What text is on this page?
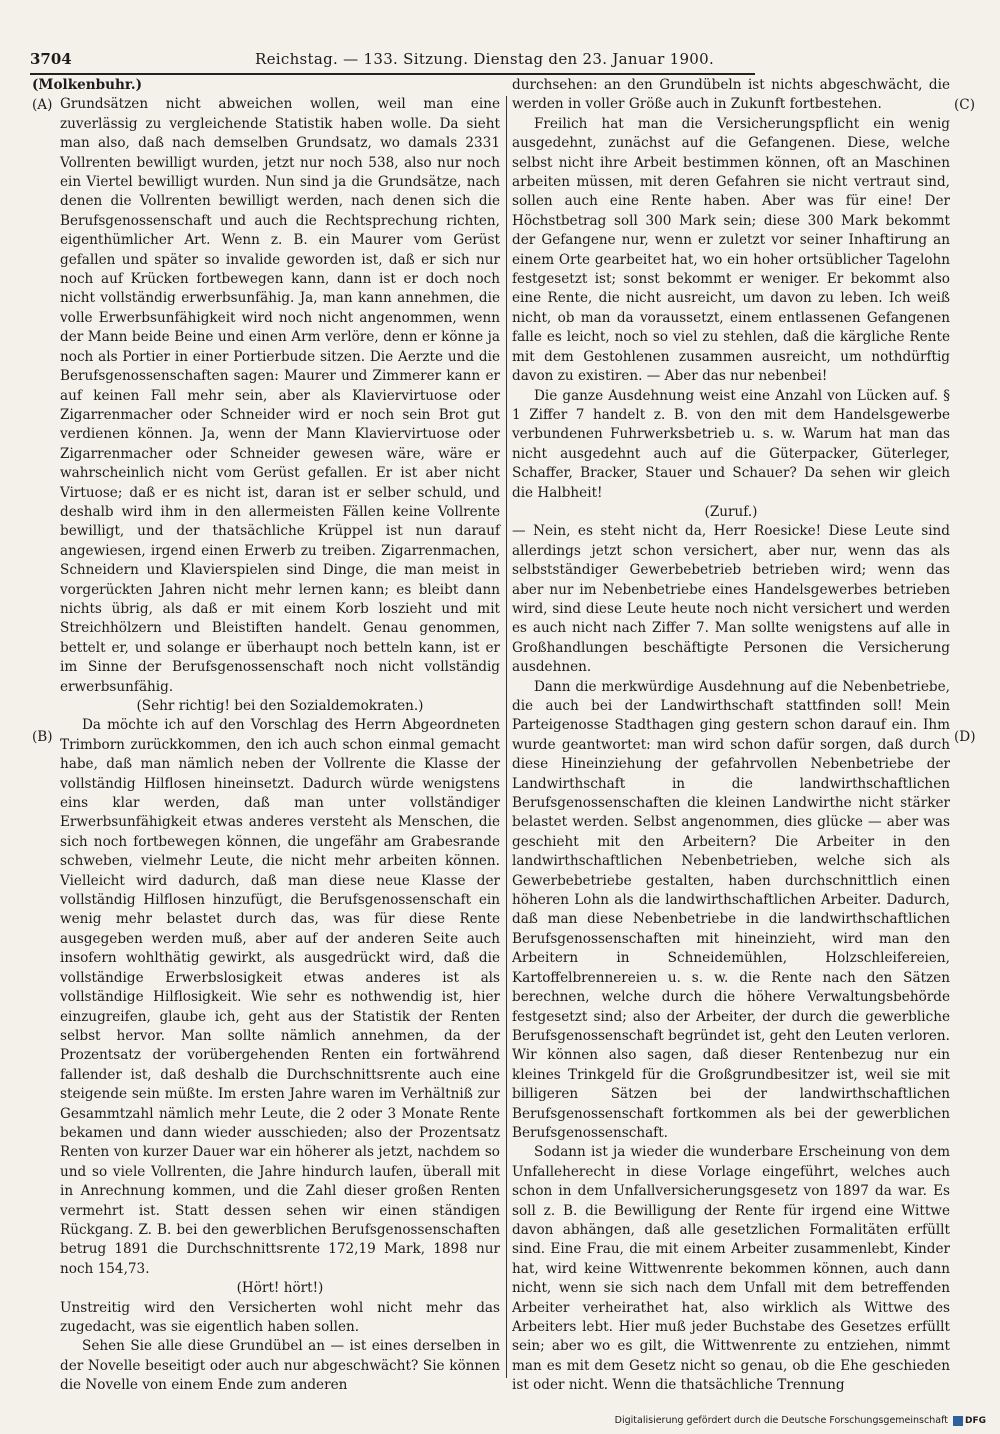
3704	Reichstag. — 133. Sitzung. Dienstag den 23. Januar 1900.
(A)
(B)
(C)
(D)

(Molkenbuhr.)

Grundsätzen nicht abweichen wollen, weil man eine zuverlässig zu vergleichende Statistik haben wolle. Da sieht man also, daß nach demselben Grundsatz, wo damals 2331 Vollrenten bewilligt wurden, jetzt nur noch 538, also nur noch ein Viertel bewilligt wurden. Nun sind ja die Grundsätze, nach denen die Vollrenten bewilligt werden, nach denen sich die Berufsgenossenschaft und auch die Rechtsprechung richten, eigenthümlicher Art. Wenn z. B. ein Maurer vom Gerüst gefallen und später so invalide geworden ist, daß er sich nur noch auf Krücken fortbewegen kann, dann ist er doch noch nicht vollständig erwerbsunfähig. Ja, man kann annehmen, die volle Erwerbsunfähigkeit wird noch nicht angenommen, wenn der Mann beide Beine und einen Arm verlöre, denn er könne ja noch als Portier in einer Portierbude sitzen. Die Aerzte und die Berufsgenossenschaften sagen: Maurer und Zimmerer kann er auf keinen Fall mehr sein, aber als Klaviervirtuose oder Zigarrenmacher oder Schneider wird er noch sein Brot gut verdienen können. Ja, wenn der Mann Klaviervirtuose oder Zigarrenmacher oder Schneider gewesen wäre, wäre er wahrscheinlich nicht vom Gerüst gefallen. Er ist aber nicht Virtuose; daß er es nicht ist, daran ist er selber schuld, und deshalb wird ihm in den allermeisten Fällen keine Vollrente bewilligt, und der thatsächliche Krüppel ist nun darauf angewiesen, irgend einen Erwerb zu treiben. Zigarrenmachen, Schneidern und Klavierspielen sind Dinge, die man meist in vorgerückten Jahren nicht mehr lernen kann; es bleibt dann nichts übrig, als daß er mit einem Korb loszieht und mit Streichhölzern und Bleistiften handelt. Genau genommen, bettelt er, und solange er überhaupt noch betteln kann, ist er im Sinne der Berufsgenossenschaft noch nicht vollständig erwerbsunfähig.

(Sehr richtig! bei den Sozialdemokraten.)

Da möchte ich auf den Vorschlag des Herrn Abgeordneten Trimborn zurückkommen, den ich auch schon einmal gemacht habe, daß man nämlich neben der Vollrente die Klasse der vollständig Hilflosen hineinsetzt. Dadurch würde wenigstens eins klar werden, daß man unter vollständiger Erwerbsunfähigkeit etwas anderes versteht als Menschen, die sich noch fortbewegen können, die ungefähr am Grabesrande schweben, vielmehr Leute, die nicht mehr arbeiten können. Vielleicht wird dadurch, daß man diese neue Klasse der vollständig Hilflosen hinzufügt, die Berufsgenossenschaft ein wenig mehr belastet durch das, was für diese Rente ausgegeben werden muß, aber auf der anderen Seite auch insofern wohlthätig gewirkt, als ausgedrückt wird, daß die vollständige Erwerbslosigkeit etwas anderes ist als vollständige Hilflosigkeit. Wie sehr es nothwendig ist, hier einzugreifen, glaube ich, geht aus der Statistik der Renten selbst hervor. Man sollte nämlich annehmen, da der Prozentsatz der vorübergehenden Renten ein fortwährend fallender ist, daß deshalb die Durchschnittsrente auch eine steigende sein müßte. Im ersten Jahre waren im Verhältniß zur Gesammtzahl nämlich mehr Leute, die 2 oder 3 Monate Rente bekamen und dann wieder ausschieden; also der Prozentsatz Renten von kurzer Dauer war ein höherer als jetzt, nachdem so und so viele Vollrenten, die Jahre hindurch laufen, überall mit in Anrechnung kommen, und die Zahl dieser großen Renten vermehrt ist. Statt dessen sehen wir einen ständigen Rückgang. Z. B. bei den gewerblichen Berufsgenossenschaften betrug 1891 die Durchschnittsrente 172,19 Mark, 1898 nur noch 154,73.

(Hört! hört!)

Unstreitig wird den Versicherten wohl nicht mehr das zugedacht, was sie eigentlich haben sollen.

Sehen Sie alle diese Grundübel an — ist eines derselben in der Novelle beseitigt oder auch nur abgeschwächt? Sie können die Novelle von einem Ende zum anderen

durchsehen: an den Grundübeln ist nichts abgeschwächt, die werden in voller Größe auch in Zukunft fortbestehen.

Freilich hat man die Versicherungspflicht ein wenig ausgedehnt, zunächst auf die Gefangenen. Diese, welche selbst nicht ihre Arbeit bestimmen können, oft an Maschinen arbeiten müssen, mit deren Gefahren sie nicht vertraut sind, sollen auch eine Rente haben. Aber was für eine! Der Höchstbetrag soll 300 Mark sein; diese 300 Mark bekommt der Gefangene nur, wenn er zuletzt vor seiner Inhaftirung an einem Orte gearbeitet hat, wo ein hoher ortsüblicher Tagelohn festgesetzt ist; sonst bekommt er weniger. Er bekommt also eine Rente, die nicht ausreicht, um davon zu leben. Ich weiß nicht, ob man da voraussetzt, einem entlassenen Gefangenen falle es leicht, noch so viel zu stehlen, daß die kärgliche Rente mit dem Gestohlenen zusammen ausreicht, um nothdürftig davon zu existiren. — Aber das nur nebenbei!

Die ganze Ausdehnung weist eine Anzahl von Lücken auf. § 1 Ziffer 7 handelt z. B. von den mit dem Handelsgewerbe verbundenen Fuhrwerksbetrieb u. s. w. Warum hat man das nicht ausgedehnt auch auf die Güterpacker, Güterleger, Schaffer, Bracker, Stauer und Schauer? Da sehen wir gleich die Halbheit!

(Zuruf.)

— Nein, es steht nicht da, Herr Roesicke! Diese Leute sind allerdings jetzt schon versichert, aber nur, wenn das als selbstständiger Gewerbebetrieb betrieben wird; wenn das aber nur im Nebenbetriebe eines Handelsgewerbes betrieben wird, sind diese Leute heute noch nicht versichert und werden es auch nicht nach Ziffer 7. Man sollte wenigstens auf alle in Großhandlungen beschäftigte Personen die Versicherung ausdehnen.

Dann die merkwürdige Ausdehnung auf die Nebenbetriebe, die auch bei der Landwirthschaft stattfinden soll! Mein Parteigenosse Stadthagen ging gestern schon darauf ein. Ihm wurde geantwortet: man wird schon dafür sorgen, daß durch diese Hineinziehung der gefahrvollen Nebenbetriebe der Landwirthschaft in die landwirthschaftlichen Berufsgenossenschaften die kleinen Landwirthe nicht stärker belastet werden. Selbst angenommen, dies glücke — aber was geschieht mit den Arbeitern? Die Arbeiter in den landwirthschaftlichen Nebenbetrieben, welche sich als Gewerbebetriebe gestalten, haben durchschnittlich einen höheren Lohn als die landwirthschaftlichen Arbeiter. Dadurch, daß man diese Nebenbetriebe in die landwirthschaftlichen Berufsgenossenschaften mit hineinzieht, wird man den Arbeitern in Schneidemühlen, Holzschleifereien, Kartoffelbrennereien u. s. w. die Rente nach den Sätzen berechnen, welche durch die höhere Verwaltungsbehörde festgesetzt sind; also der Arbeiter, der durch die gewerbliche Berufsgenossenschaft begründet ist, geht den Leuten verloren. Wir können also sagen, daß dieser Rentenbezug nur ein kleines Trinkgeld für die Großgrundbesitzer ist, weil sie mit billigeren Sätzen bei der landwirthschaftlichen Berufsgenossenschaft fortkommen als bei der gewerblichen Berufsgenossenschaft.

Sodann ist ja wieder die wunderbare Erscheinung von dem Unfalleherecht in diese Vorlage eingeführt, welches auch schon in dem Unfallversicherungsgesetz von 1897 da war. Es soll z. B. die Bewilligung der Rente für irgend eine Wittwe davon abhängen, daß alle gesetzlichen Formalitäten erfüllt sind. Eine Frau, die mit einem Arbeiter zusammenlebt, Kinder hat, wird keine Wittwenrente bekommen können, auch dann nicht, wenn sie sich nach dem Unfall mit dem betreffenden Arbeiter verheirathet hat, also wirklich als Wittwe des Arbeiters lebt. Hier muß jeder Buchstabe des Gesetzes erfüllt sein; aber wo es gilt, die Wittwenrente zu entziehen, nimmt man es mit dem Gesetz nicht so genau, ob die Ehe geschieden ist oder nicht. Wenn die thatsächliche Trennung

Digitalisierung gefördert durch die Deutsche Forschungsgemeinschaft DFG
